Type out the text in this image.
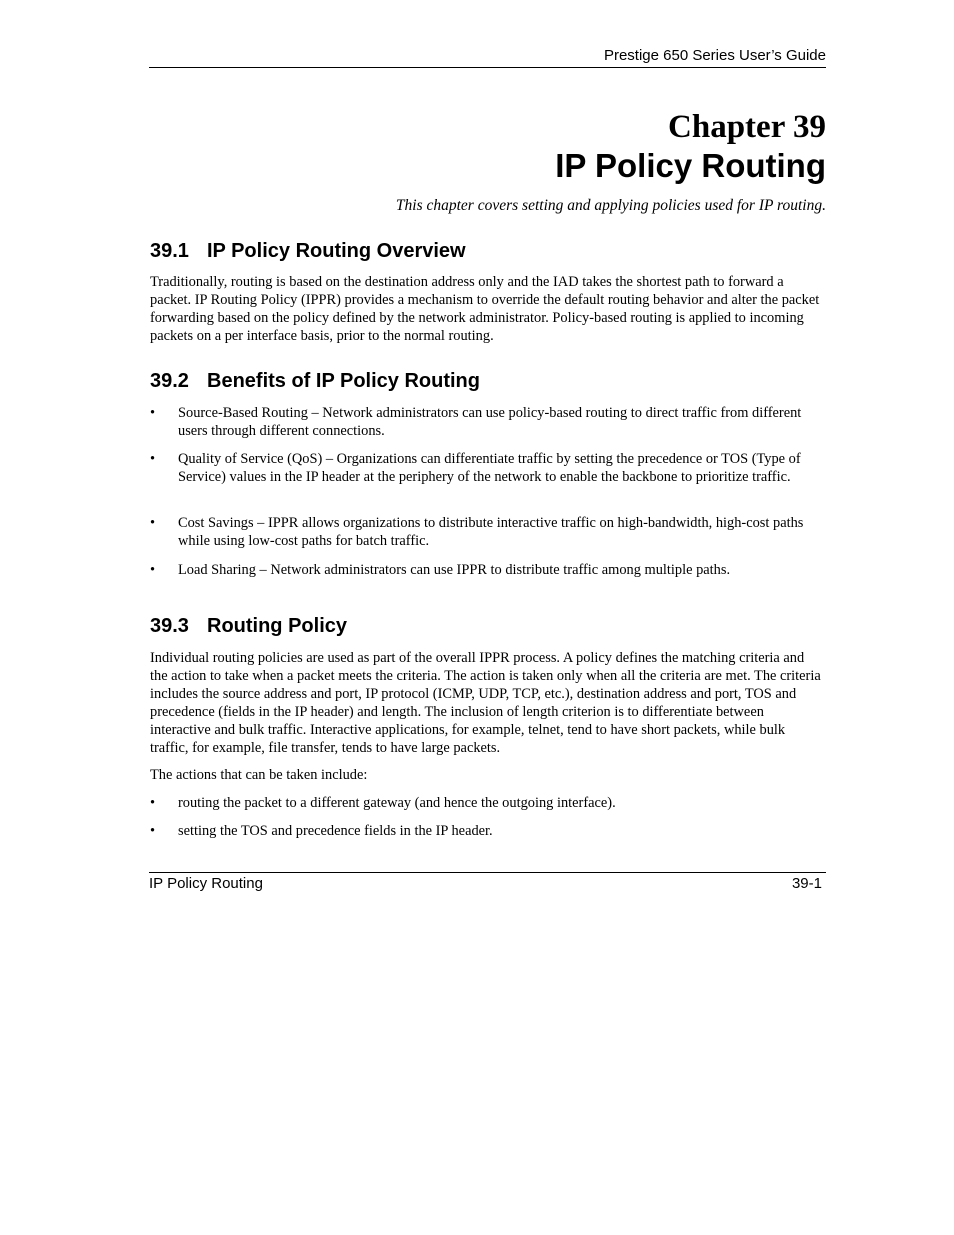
Prestige 650 Series User’s Guide
Chapter 39
IP Policy Routing
This chapter covers setting and applying policies used for IP routing.
39.1 IP Policy Routing Overview

Traditionally, routing is based on the destination address only and the IAD takes the shortest path to forward a packet. IP Routing Policy (IPPR) provides a mechanism to override the default routing behavior and alter the packet forwarding based on the policy defined by the network administrator. Policy-based routing is applied to incoming packets on a per interface basis, prior to the normal routing.

39.2 Benefits of IP Policy Routing
• Source-Based Routing – Network administrators can use policy-based routing to direct traffic from different users through different connections.
• Quality of Service (QoS) – Organizations can differentiate traffic by setting the precedence or TOS (Type of Service) values in the IP header at the periphery of the network to enable the backbone to prioritize traffic.
• Cost Savings – IPPR allows organizations to distribute interactive traffic on high-bandwidth, high-cost paths while using low-cost paths for batch traffic.
• Load Sharing – Network administrators can use IPPR to distribute traffic among multiple paths.
39.3 Routing Policy

Individual routing policies are used as part of the overall IPPR process. A policy defines the matching criteria and the action to take when a packet meets the criteria. The action is taken only when all the criteria are met. The criteria includes the source address and port, IP protocol (ICMP, UDP, TCP, etc.), destination address and port, TOS and precedence (fields in the IP header) and length. The inclusion of length criterion is to differentiate between interactive and bulk traffic. Interactive applications, for example, telnet, tend to have short packets, while bulk traffic, for example, file transfer, tends to have large packets.

The actions that can be taken include:

• routing the packet to a different gateway (and hence the outgoing interface).
• setting the TOS and precedence fields in the IP header.
IP Policy Routing	39-1
